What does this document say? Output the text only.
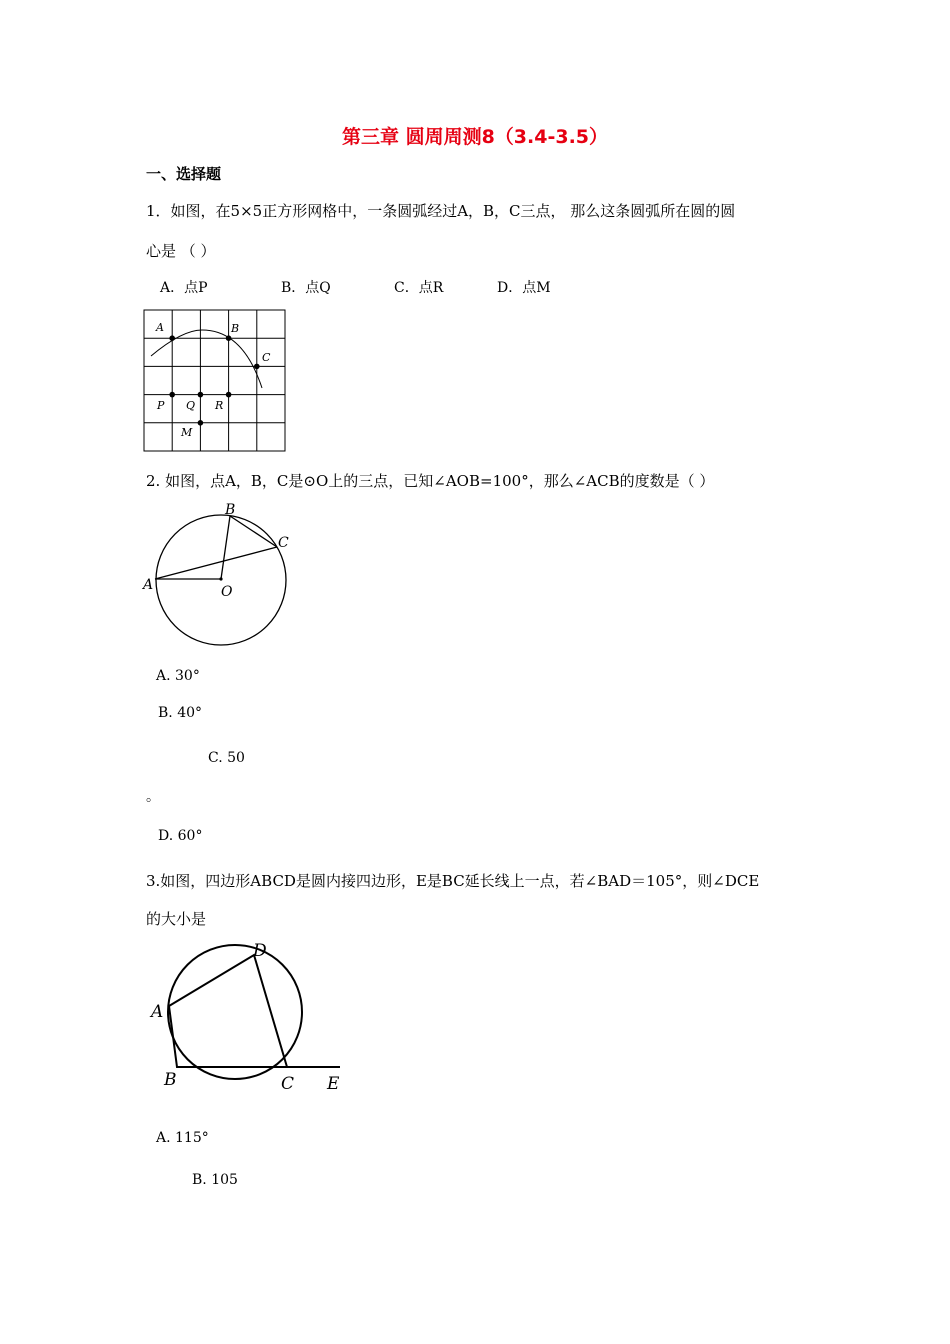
第三章 圆周周测8（3.4-3.5）
一、选择题
1．如图，在5×5正方形网格中，一条圆弧经过A，B，C三点， 那么这条圆弧所在圆的圆
心是 （ ）
A．点P	B．点Q	C．点R	D．点M
A	B
C
P Q R
M
2. 如图，点A，B，C是⊙O上的三点，已知∠AOB=100°，那么∠ACB的度数是（ ）
B
C
A	O
A. 30°
B. 40°
C. 50
。
D. 60°
3.如图，四边形ABCD是圆内接四边形，E是BC延长线上一点，若∠BAD＝105°，则∠DCE
的大小是
D
A
B	C E
A. 115°
B. 105
